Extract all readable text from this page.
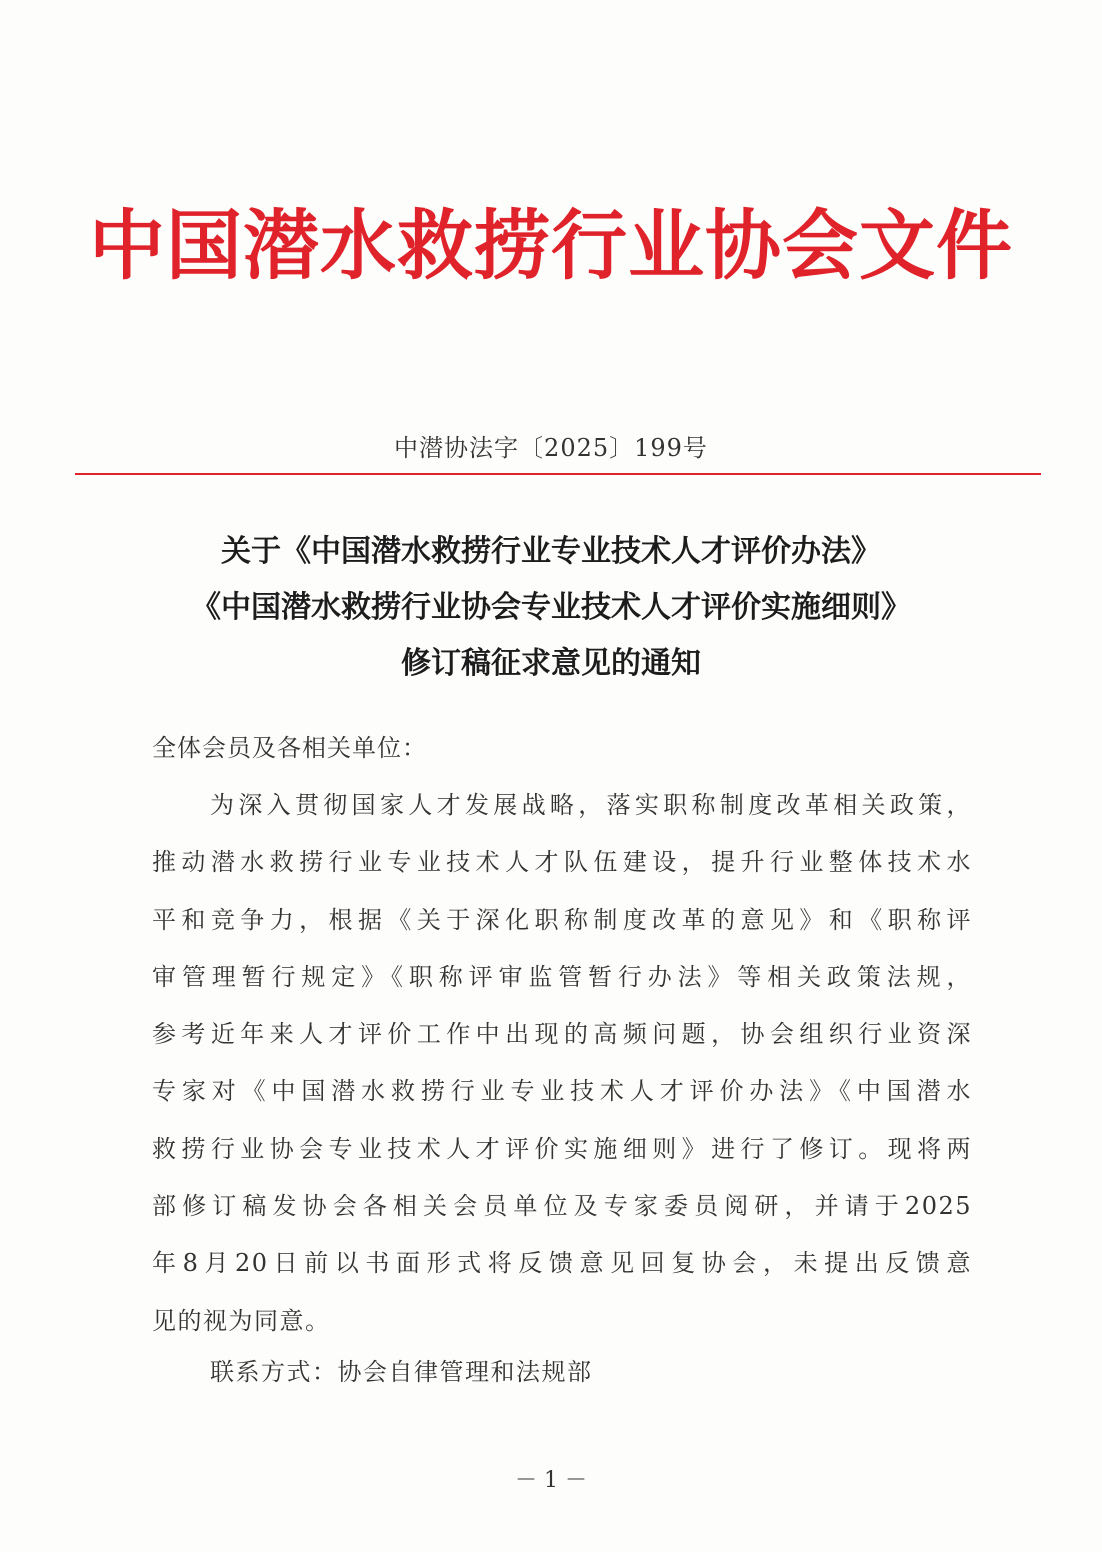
中国潜水救捞行业协会文件
中潜协法字〔2025〕199号
关于《中国潜水救捞行业专业技术人才评价办法》
《中国潜水救捞行业协会专业技术人才评价实施细则》
修订稿征求意见的通知
全体会员及各相关单位：
为深入贯彻国家人才发展战略，落实职称制度改革相关政策，
推动潜水救捞行业专业技术人才队伍建设，提升行业整体技术水
平和竞争力，根据《关于深化职称制度改革的意见》和《职称评
审管理暂行规定》《职称评审监管暂行办法》等相关政策法规，
参考近年来人才评价工作中出现的高频问题，协会组织行业资深
专家对《中国潜水救捞行业专业技术人才评价办法》《中国潜水
救捞行业协会专业技术人才评价实施细则》进行了修订。现将两
部修订稿发协会各相关会员单位及专家委员阅研，并请于2025
年8月20日前以书面形式将反馈意见回复协会，未提出反馈意
见的视为同意。
联系方式：协会自律管理和法规部
－ 1 －
